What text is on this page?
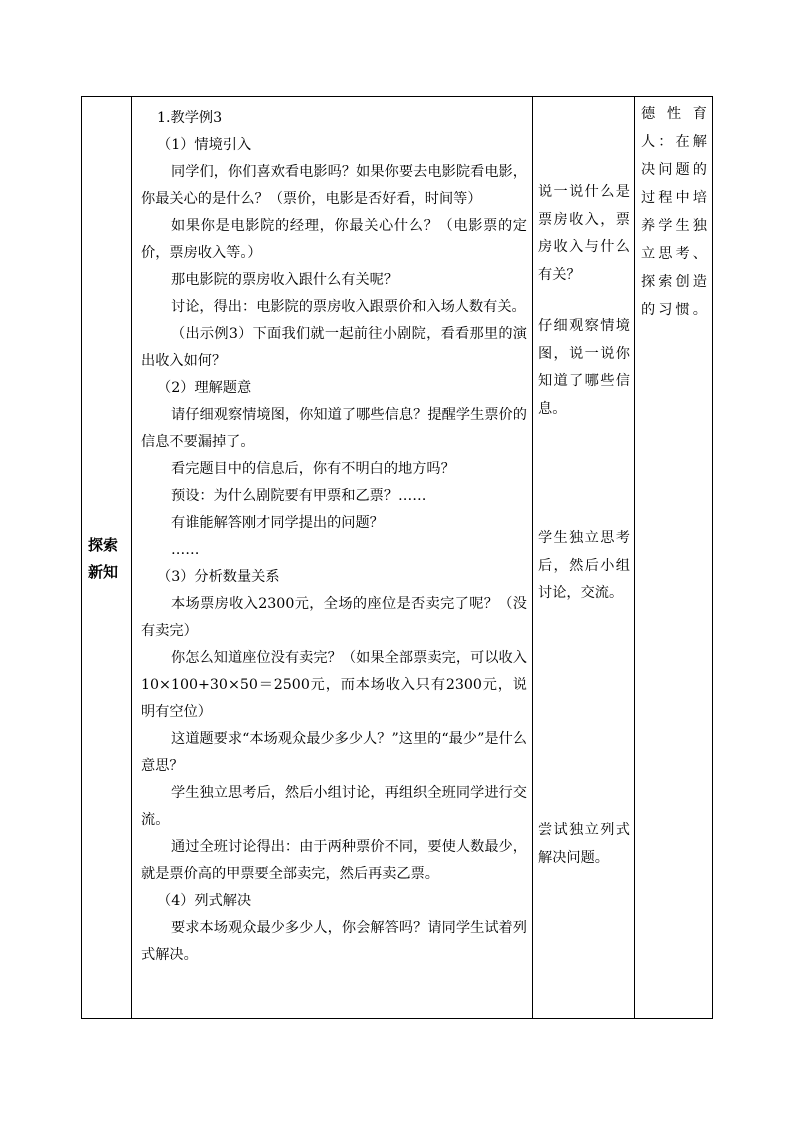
探索新知

1.教学例3

（1）情境引入

同学们，你们喜欢看电影吗？如果你要去电影院看电影，你最关心的是什么？（票价，电影是否好看，时间等）

如果你是电影院的经理，你最关心什么？（电影票的定价，票房收入等。）

那电影院的票房收入跟什么有关呢？

讨论，得出：电影院的票房收入跟票价和入场人数有关。

（出示例3）下面我们就一起前往小剧院，看看那里的演出收入如何？

（2）理解题意

请仔细观察情境图，你知道了哪些信息？提醒学生票价的信息不要漏掉了。

看完题目中的信息后，你有不明白的地方吗？

预设：为什么剧院要有甲票和乙票？……

有谁能解答刚才同学提出的问题？

……

（3）分析数量关系

本场票房收入2300元，全场的座位是否卖完了呢？（没有卖完）

你怎么知道座位没有卖完？（如果全部票卖完，可以收入10×100+30×50＝2500元，而本场收入只有2300元，说明有空位）

这道题要求“本场观众最少多少人？”这里的“最少”是什么意思？

学生独立思考后，然后小组讨论，再组织全班同学进行交流。

通过全班讨论得出：由于两种票价不同，要使人数最少，就是票价高的甲票要全部卖完，然后再卖乙票。

（4）列式解决

要求本场观众最少多少人，你会解答吗？请同学生试着列式解决。

说一说什么是票房收入，票房收入与什么有关？
仔细观察情境图，说一说你知道了哪些信息。
学生独立思考后，然后小组讨论，交流。
尝试独立列式解决问题。
德性育人：在解决问题的过程中培养学生独立思考、探索创造的习惯。
